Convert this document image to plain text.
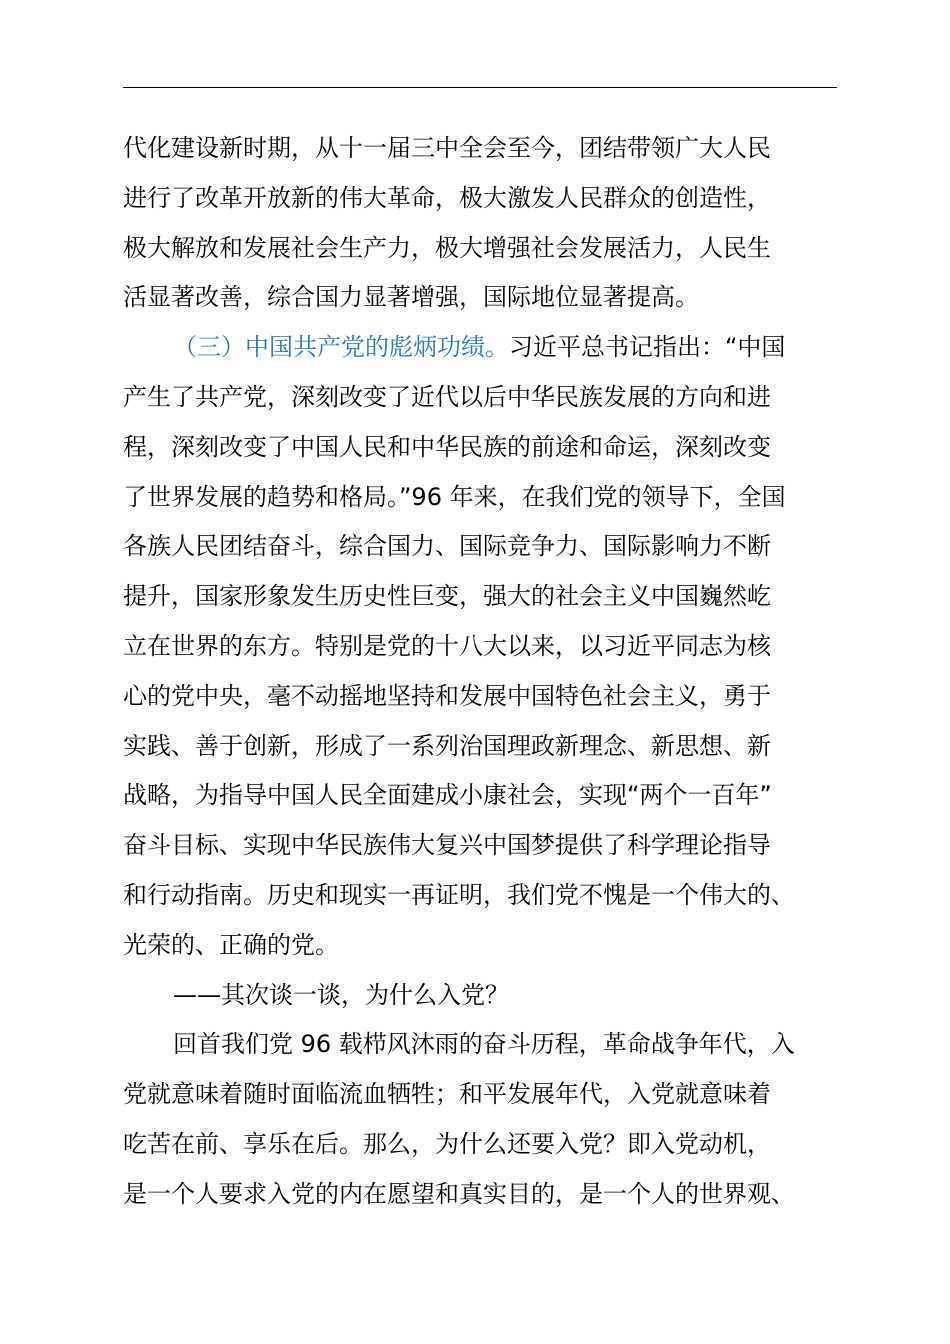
代化建设新时期，从十一届三中全会至今，团结带领广大人民
进行了改革开放新的伟大革命，极大激发人民群众的创造性，
极大解放和发展社会生产力，极大增强社会发展活力，人民生
活显著改善，综合国力显著增强，国际地位显著提高。
（三）中国共产党的彪炳功绩。习近平总书记指出：“中国
产生了共产党，深刻改变了近代以后中华民族发展的方向和进
程，深刻改变了中国人民和中华民族的前途和命运，深刻改变
了世界发展的趋势和格局。”96 年来，在我们党的领导下，全国
各族人民团结奋斗，综合国力、国际竞争力、国际影响力不断
提升，国家形象发生历史性巨变，强大的社会主义中国巍然屹
立在世界的东方。特别是党的十八大以来，以习近平同志为核
心的党中央，毫不动摇地坚持和发展中国特色社会主义，勇于
实践、善于创新，形成了一系列治国理政新理念、新思想、新
战略，为指导中国人民全面建成小康社会，实现“两个一百年”
奋斗目标、实现中华民族伟大复兴中国梦提供了科学理论指导
和行动指南。历史和现实一再证明，我们党不愧是一个伟大的、
光荣的、正确的党。
——其次谈一谈，为什么入党？
回首我们党 96 载栉风沐雨的奋斗历程，革命战争年代，入
党就意味着随时面临流血牺牲；和平发展年代，入党就意味着
吃苦在前、享乐在后。那么，为什么还要入党？即入党动机，
是一个人要求入党的内在愿望和真实目的，是一个人的世界观、
